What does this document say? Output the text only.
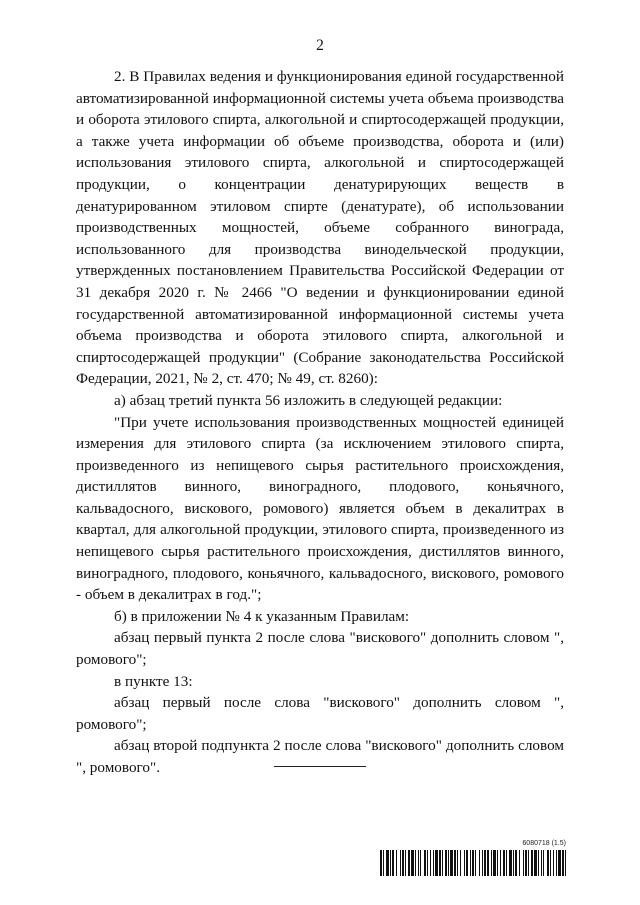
2

2. В Правилах ведения и функционирования единой государственной автоматизированной информационной системы учета объема производства и оборота этилового спирта, алкогольной и спиртосодержащей продукции, а также учета информации об объеме производства, оборота и (или) использования этилового спирта, алкогольной и спиртосодержащей продукции, о концентрации денатурирующих веществ в денатурированном этиловом спирте (денатурате), об использовании производственных мощностей, объеме собранного винограда, использованного для производства винодельческой продукции, утвержденных постановлением Правительства Российской Федерации от 31 декабря 2020 г. № 2466 "О ведении и функционировании единой государственной автоматизированной информационной системы учета объема производства и оборота этилового спирта, алкогольной и спиртосодержащей продукции" (Собрание законодательства Российской Федерации, 2021, № 2, ст. 470; № 49, ст. 8260):

а) абзац третий пункта 56 изложить в следующей редакции:

"При учете использования производственных мощностей единицей измерения для этилового спирта (за исключением этилового спирта, произведенного из непищевого сырья растительного происхождения, дистиллятов винного, виноградного, плодового, коньячного, кальвадосного, вискового, ромового) является объем в декалитрах в квартал, для алкогольной продукции, этилового спирта, произведенного из непищевого сырья растительного происхождения, дистиллятов винного, виноградного, плодового, коньячного, кальвадосного, вискового, ромового - объем в декалитрах в год.";

б) в приложении № 4 к указанным Правилам:

абзац первый пункта 2 после слова "вискового" дополнить словом ", ромового";

в пункте 13:

абзац первый после слова "вискового" дополнить словом ", ромового";

абзац второй подпункта 2 после слова "вискового" дополнить словом ", ромового".

6080718 (1.5)
